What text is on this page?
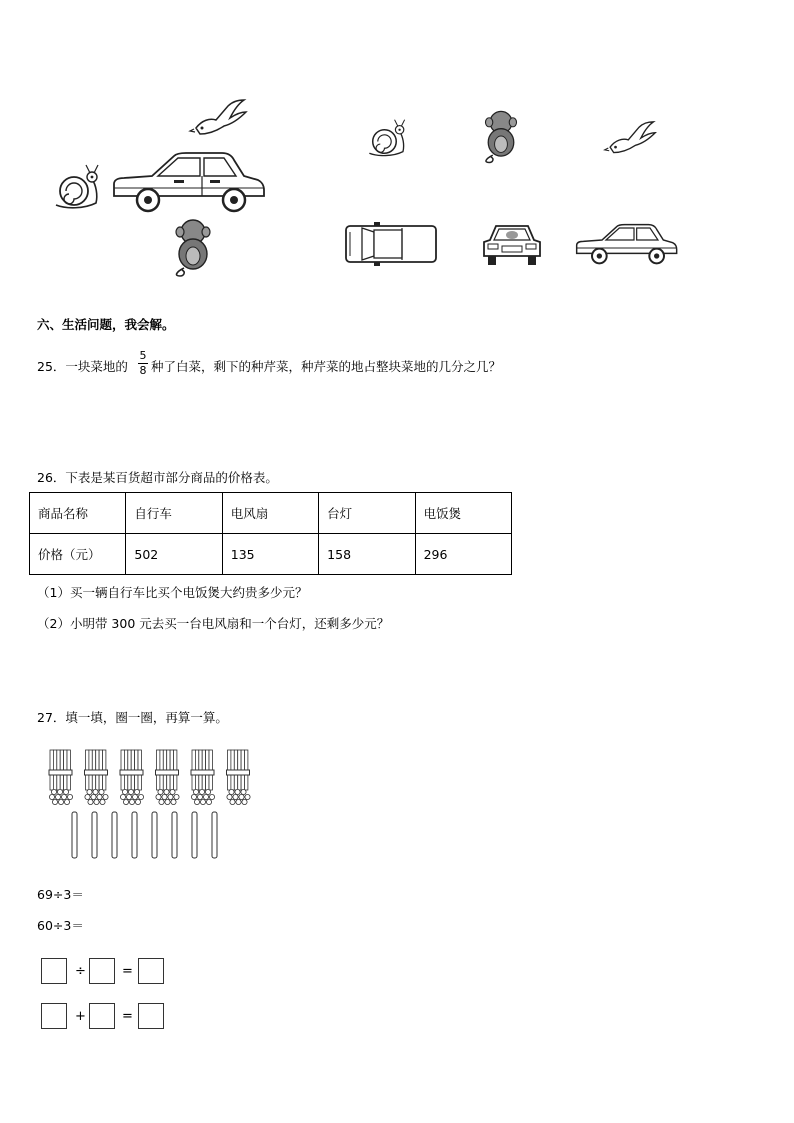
六、生活问题，我会解。
25．一块菜地的
5
8 种了白菜，剩下的种芹菜，种芹菜的地占整块菜地的几分之几？
26．下表是某百货超市部分商品的价格表。
商品名称	自行车	电风扇	台灯	电饭煲
价格（元）	502	135	158	296
（1）买一辆自行车比买个电饭煲大约贵多少元？
（2）小明带 300 元去买一台电风扇和一个台灯，还剩多少元？
27．填一填，圈一圈，再算一算。
69÷3＝
60÷3＝
÷	=
+	=
